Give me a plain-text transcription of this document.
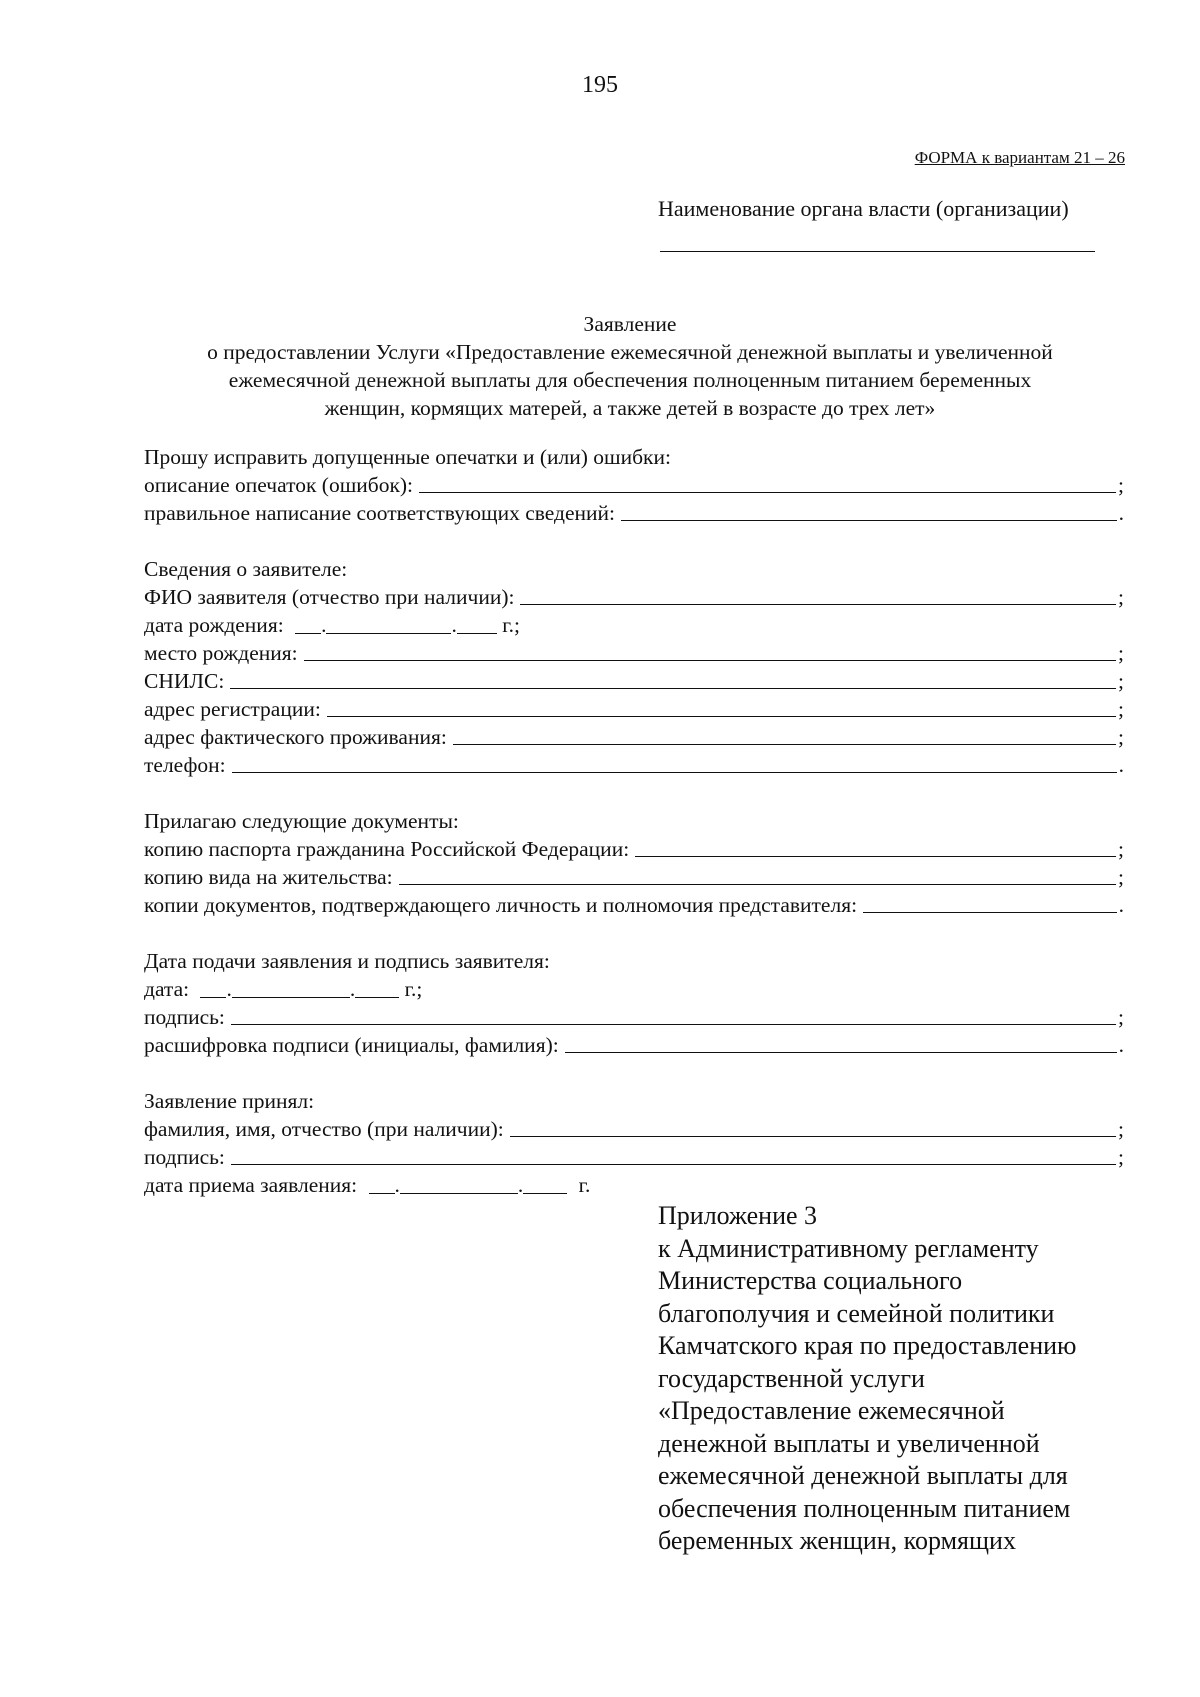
195
ФОРМА к вариантам 21 – 26
Наименование органа власти (организации)
Заявление
о предоставлении Услуги «Предоставление ежемесячной денежной выплаты и увеличенной
ежемесячной денежной выплаты для обеспечения полноценным питанием беременных
женщин, кормящих матерей, а также детей в возрасте до трех лет»
Прошу исправить допущенные опечатки и (или) ошибки:
описание опечаток (ошибок):	;
правильное написание соответствующих сведений:	.
Сведения о заявителе:
ФИО заявителя (отчество при наличии):	;
дата рождения: .	. г.;
место рождения:	;
СНИЛС:	;
адрес регистрации:	;
адрес фактического проживания:	;
телефон:	.
Прилагаю следующие документы:
копию паспорта гражданина Российской Федерации:	;
копию вида на жительства:	;
копии документов, подтверждающего личность и полномочия представителя:	.
Дата подачи заявления и подпись заявителя:
дата: .	. г.;
подпись:	;
расшифровка подписи (инициалы, фамилия):	.
Заявление принял:
фамилия, имя, отчество (при наличии):	;
подпись:	;
дата приема заявления: .	.	г.
Приложение 3
к Административному регламенту
Министерства социального
благополучия и семейной политики
Камчатского края по предоставлению
государственной услуги
«Предоставление ежемесячной
денежной выплаты и увеличенной
ежемесячной денежной выплаты для
обеспечения полноценным питанием
беременных женщин, кормящих
